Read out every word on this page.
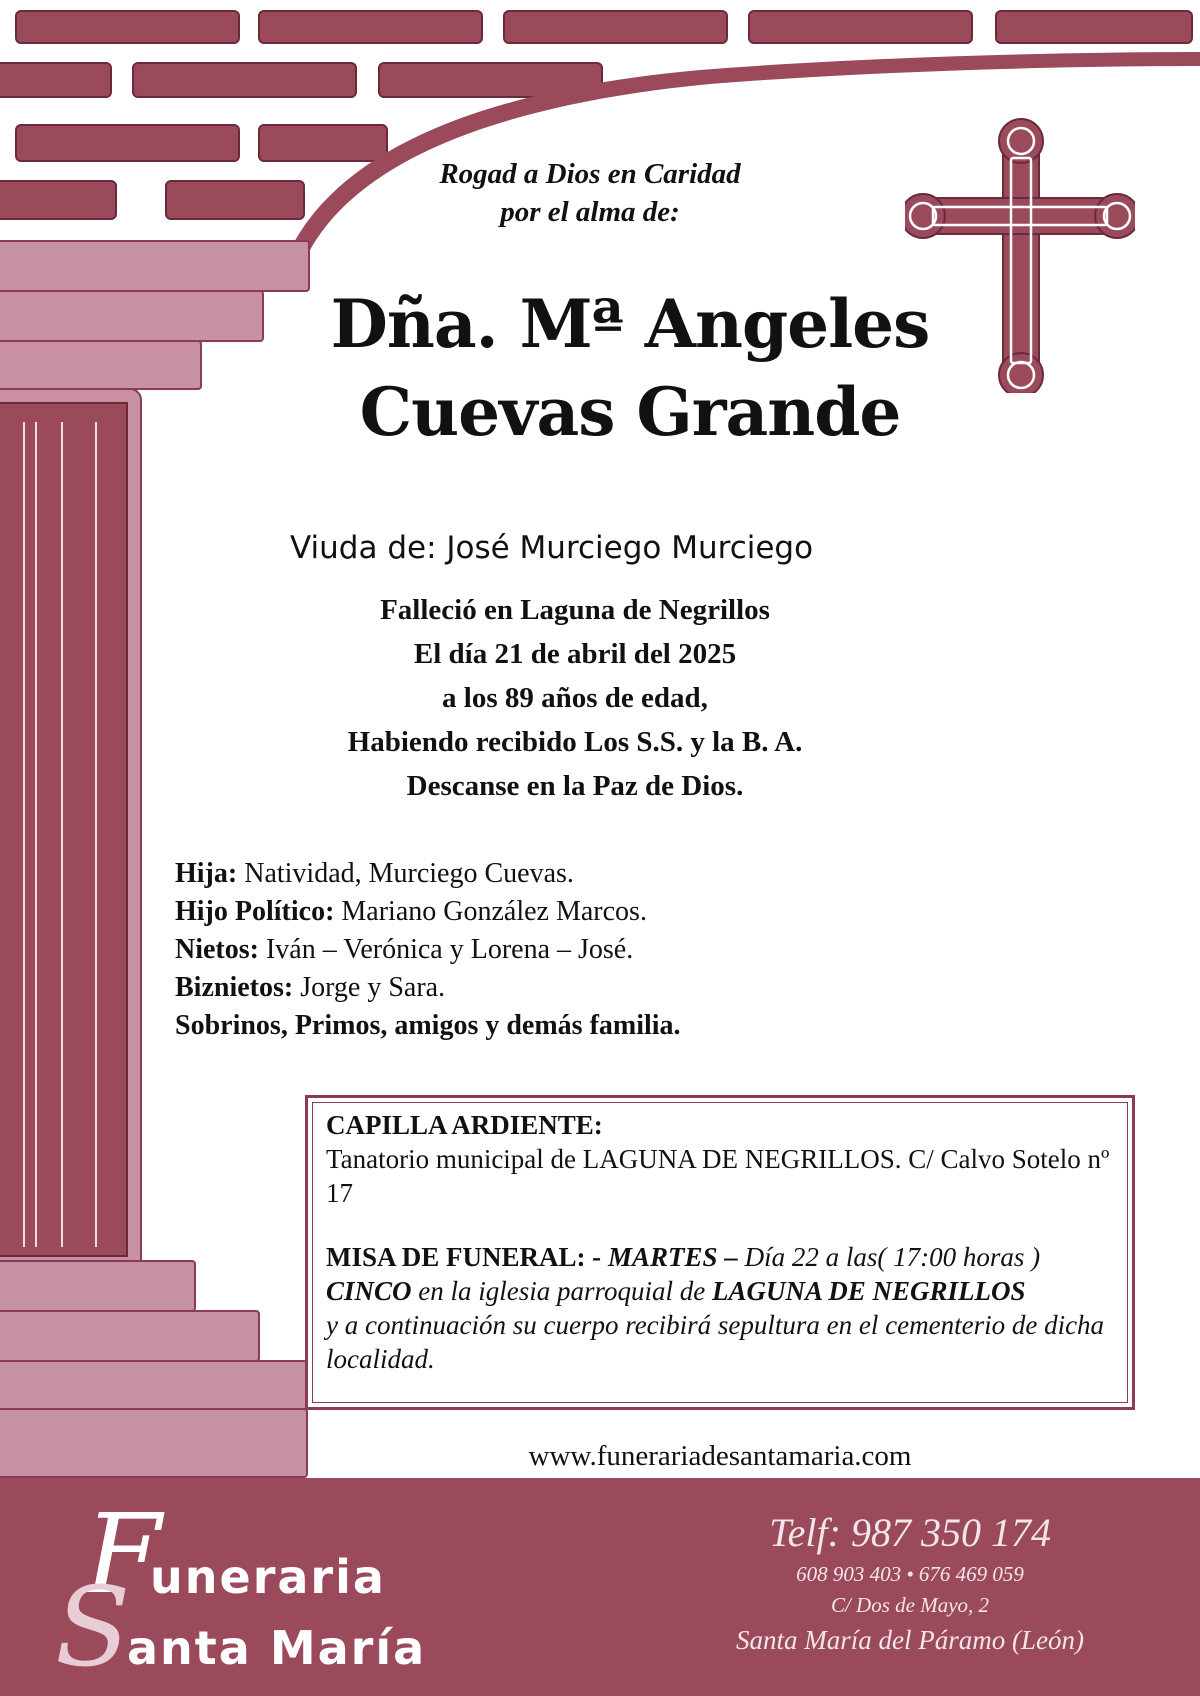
Rogad a Dios en Caridad
por el alma de:
Dña. Mª Angeles
Cuevas Grande
Viuda de: José Murciego Murciego
Falleció en Laguna de Negrillos
El día 21 de abril del 2025
a los 89 años de edad,
Habiendo recibido Los S.S. y la B. A.
Descanse en la Paz de Dios.
Hija: Natividad, Murciego Cuevas.
Hijo Político: Mariano González Marcos.
Nietos: Iván – Verónica y Lorena – José.
Biznietos: Jorge y Sara.
Sobrinos, Primos, amigos y demás familia.
CAPILLA ARDIENTE:
Tanatorio municipal de LAGUNA DE NEGRILLOS. C/ Calvo Sotelo nº 17
MISA DE FUNERAL: - MARTES – Día 22 a las( 17:00 horas )
CINCO en la iglesia parroquial de LAGUNA DE NEGRILLOS
y a continuación su cuerpo recibirá sepultura en el cementerio de dicha localidad.
www.funerariadesantamaria.com
F
uneraria
S
anta María
Telf: 987 350 174
608 903 403 • 676 469 059
C/ Dos de Mayo, 2
Santa María del Páramo (León)
